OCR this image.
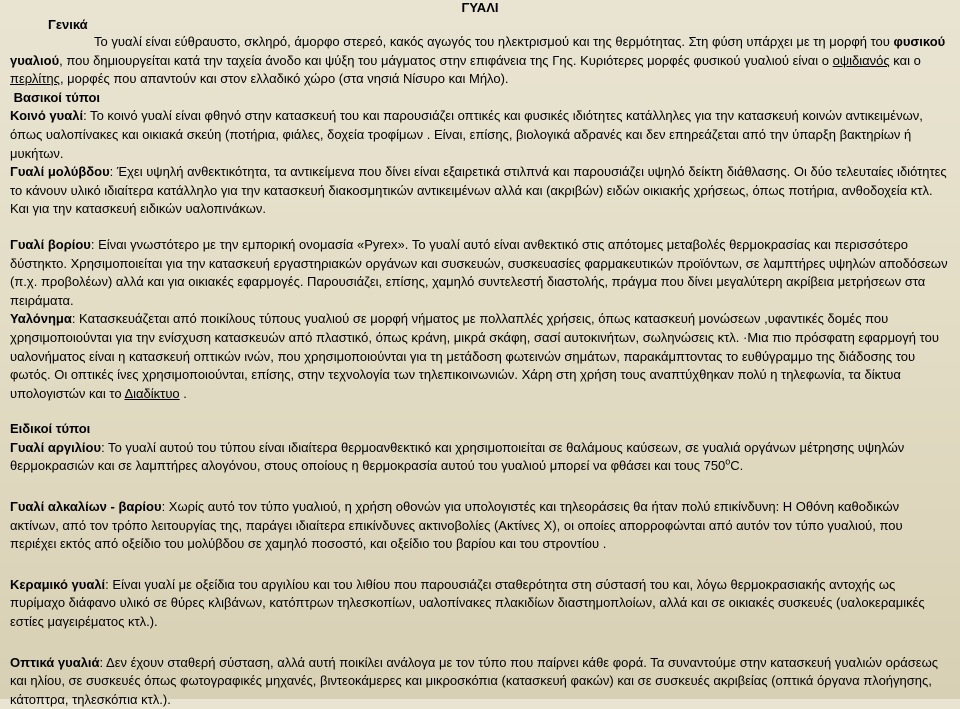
ΓΥΑΛΙ
Γενικά

Το γυαλί είναι εύθραυστο, σκληρό, άμορφο στερεό, κακός αγωγός του ηλεκτρισμού και της θερμότητας. Στη φύση υπάρχει με τη μορφή του φυσικού γυαλιού, που δημιουργείται κατά την ταχεία άνοδο και ψύξη του μάγματος στην επιφάνεια της Γης. Κυριότερες μορφές φυσικού γυαλιού είναι ο οψιδιανός και ο περλίτης, μορφές που απαντούν και στον ελλαδικό χώρο (στα νησιά Νίσυρο και Μήλο).

Βασικοί τύποι

Κοινό γυαλί: Το κοινό γυαλί είναι φθηνό στην κατασκευή του και παρουσιάζει οπτικές και φυσικές ιδιότητες κατάλληλες για την κατασκευή κοινών αντικειμένων, όπως υαλοπίνακες και οικιακά σκεύη (ποτήρια, φιάλες, δοχεία τροφίμων . Είναι, επίσης, βιολογικά αδρανές και δεν επηρεάζεται από την ύπαρξη βακτηρίων ή μυκήτων.

Γυαλί μολύβδου: Έχει υψηλή ανθεκτικότητα, τα αντικείμενα που δίνει είναι εξαιρετικά στιλπνά και παρουσιάζει υψηλό δείκτη διάθλασης. Οι δύο τελευταίες ιδιότητες το κάνουν υλικό ιδιαίτερα κατάλληλο για την κατασκευή διακοσμητικών αντικειμένων αλλά και (ακριβών) ειδών οικιακής χρήσεως, όπως ποτήρια, ανθοδοχεία κτλ. Και για την κατασκευή ειδικών υαλοπινάκων.

Γυαλί βορίου: Είναι γνωστότερο με την εμπορική ονομασία «Pyrex». Το γυαλί αυτό είναι ανθεκτικό στις απότομες μεταβολές θερμοκρασίας και περισσότερο δύστηκτο. Χρησιμοποιείται για την κατασκευή εργαστηριακών οργάνων και συσκευών, συσκευασίες φαρμακευτικών προϊόντων, σε λαμπτήρες υψηλών αποδόσεων (π.χ. προβολέων) αλλά και για οικιακές εφαρμογές. Παρουσιάζει, επίσης, χαμηλό συντελεστή διαστολής, πράγμα που δίνει μεγαλύτερη ακρίβεια μετρήσεων στα πειράματα.

Υαλόνημα: Κατασκευάζεται από ποικίλους τύπους γυαλιού σε μορφή νήματος με πολλαπλές χρήσεις, όπως κατασκευή μονώσεων ,υφαντικές δομές που χρησιμοποιούνται για την ενίσχυση κατασκευών από πλαστικό, όπως κράνη, μικρά σκάφη, σασί αυτοκινήτων, σωληνώσεις κτλ. ·Μια πιο πρόσφατη εφαρμογή του υαλονήματος είναι η κατασκευή οπτικών ινών, που χρησιμοποιούνται για τη μετάδοση φωτεινών σημάτων, παρακάμπτοντας το ευθύγραμμο της διάδοσης του φωτός. Οι οπτικές ίνες χρησιμοποιούνται, επίσης, στην τεχνολογία των τηλεπικοινωνιών. Χάρη στη χρήση τους αναπτύχθηκαν πολύ η τηλεφωνία, τα δίκτυα υπολογιστών και το Διαδίκτυο .

Ειδικοί τύποι

Γυαλί αργιλίου: Το γυαλί αυτού του τύπου είναι ιδιαίτερα θερμοανθεκτικό και χρησιμοποιείται σε θαλάμους καύσεων, σε γυαλιά οργάνων μέτρησης υψηλών θερμοκρασιών και σε λαμπτήρες αλογόνου, στους οποίους η θερμοκρασία αυτού του γυαλιού μπορεί να φθάσει και τους $750^oC$.

Γυαλί αλκαλίων - βαρίου: Χωρίς αυτό τον τύπο γυαλιού, η χρήση οθονών για υπολογιστές και τηλεοράσεις θα ήταν πολύ επικίνδυνη: Η Οθόνη καθοδικών ακτίνων, από τον τρόπο λειτουργίας της, παράγει ιδιαίτερα επικίνδυνες ακτινοβολίες (Ακτίνες Χ), οι οποίες απορροφώνται από αυτόν τον τύπο γυαλιού, που περιέχει εκτός από οξείδιο του μολύβδου σε χαμηλό ποσοστό, και οξείδιο του βαρίου και του στροντίου .

Κεραμικό γυαλί: Είναι γυαλί με οξείδια του αργιλίου και του λιθίου που παρουσιάζει σταθερότητα στη σύστασή του και, λόγω θερμοκρασιακής αντοχής ως πυρίμαχο διάφανο υλικό σε θύρες κλιβάνων, κατόπτρων τηλεσκοπίων, υαλοπίνακες πλακιδίων διαστημοπλοίων, αλλά και σε οικιακές συσκευές (υαλοκεραμικές εστίες μαγειρέματος κτλ.).

Οπτικά γυαλιά: Δεν έχουν σταθερή σύσταση, αλλά αυτή ποικίλει ανάλογα με τον τύπο που παίρνει κάθε φορά. Τα συναντούμε στην κατασκευή γυαλιών οράσεως και ηλίου, σε συσκευές όπως φωτογραφικές μηχανές, βιντεοκάμερες και μικροσκόπια (κατασκευή φακών) και σε συσκευές ακριβείας (οπτικά όργανα πλοήγησης, κάτοπτρα, τηλεσκόπια κτλ.).
